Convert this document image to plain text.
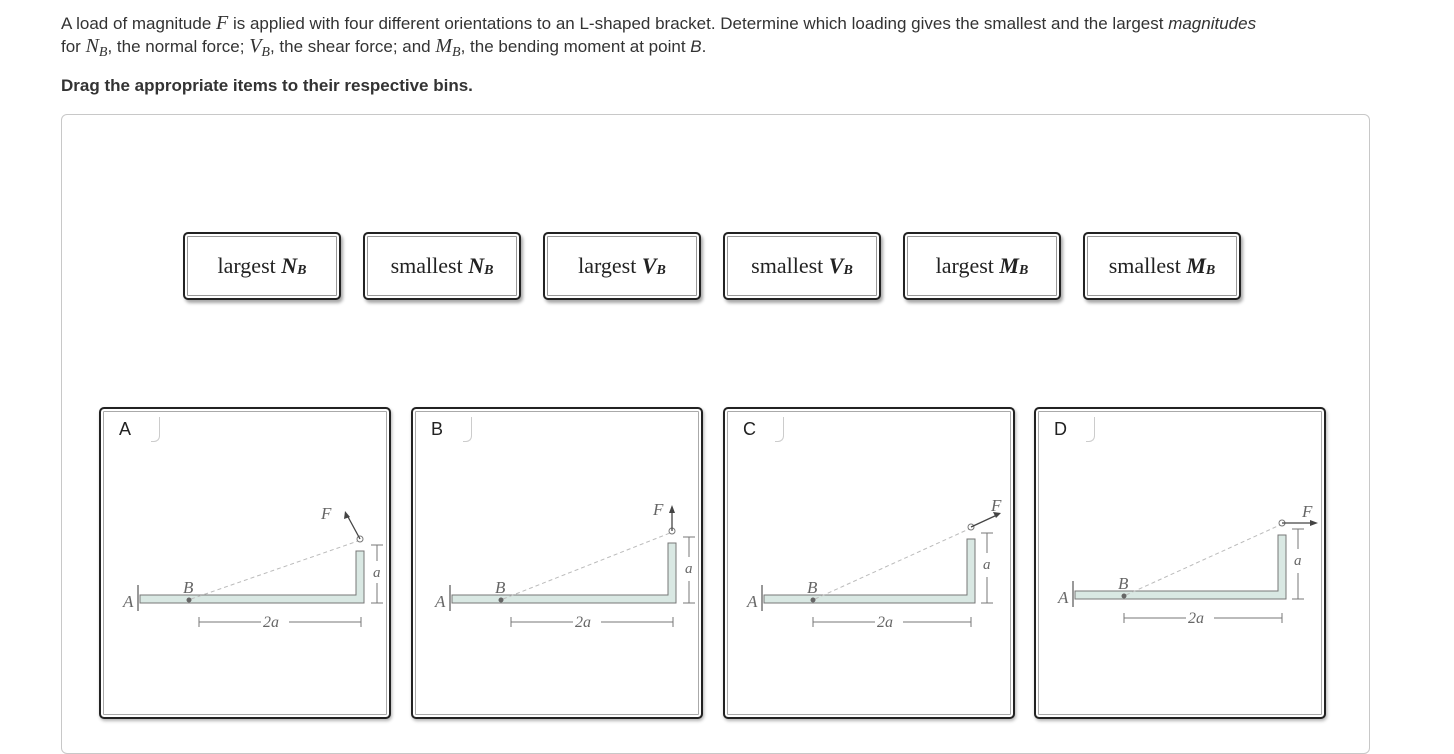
A load of magnitude F is applied with four different orientations to an L-shaped bracket. Determine which loading gives the smallest and the largest magnitudes
for $N_B$, the normal force; $V_B$, the shear force; and $M_B$, the bending moment at point B.
Drag the appropriate items to their respective bins.
largest
N B	smallest
N B	largest
V B	smallest
V B	largest
M B	smallest
M B
A
A
B
F
2a
a
B
A
B
F
2a
a
C
A
B
F
2a
a
D
A
B
F
2a
a
